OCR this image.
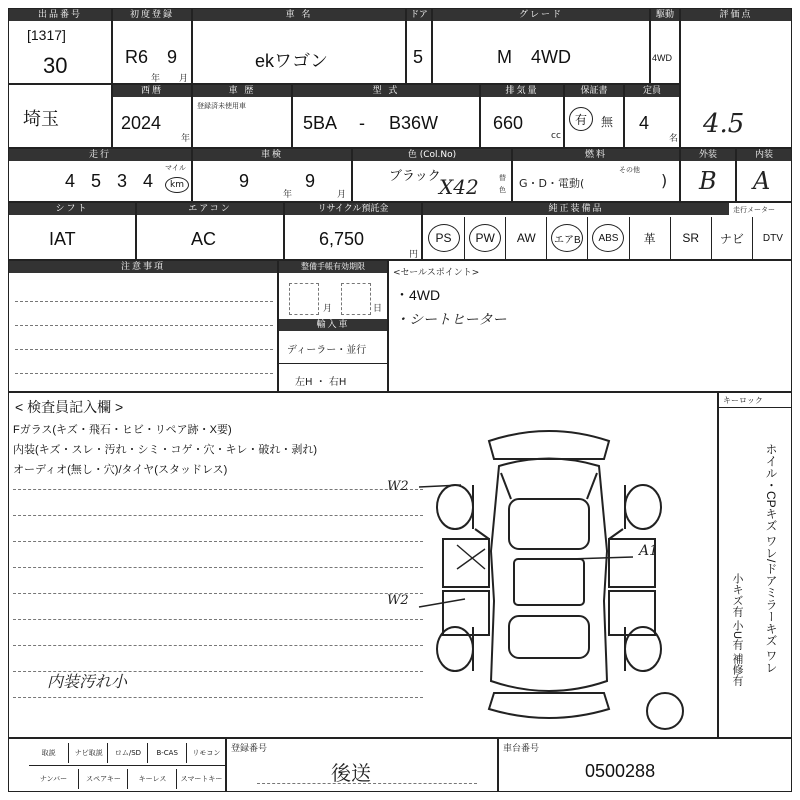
出品番号
[1317]
30
初度登録
R6 9
年 月
車 名
ekワゴン
ドア
5
グレード
M 4WD
駆動
4WD
評価点
4.5
埼玉
西暦
2024
年
車 歴
登録済未使用車
型 式
5BA - B36W
排気量
660
cc
保証書
有	無
定員
4
名
走行
4 5 3 4
マイル
km
車検
9
年
9
月
色 (Col.No)
ブラック
X42	替
色
燃料
G・D・電動(
その他
)
外装
B
内装
A
シフト
IAT
エアコン
AC
リサイクル預託金
6,750
円
純正装備品	走行メーター
PS	PW	AW エアB	ABS	革 SR ナビ DTV
注意事項	整備手帳有効期限
月	日
輸入車
ディーラー・並行
左H ・ 右H
<セールスポイント>
・4WD
・シートヒーター
< 検査員記入欄 >
Fガラス(キズ・飛石・ヒビ・リペア跡・X要)
内装(キズ・スレ・汚れ・シミ・コゲ・穴・キレ・破れ・剥れ)
オーディオ(無し・穴)/タイヤ(スタッドレス)
内装汚れ小
W2
W2
A1
キーロック
ホイル・CPキズ ワレ/ドアミラーキズ ワレ
小キズ有 小U有 補修有
取説	ナビ取説	ロム/SD	B-CAS	リモコン
ナンバー	スペアキー	キーレス	スマートキー
登録番号
後送
車台番号
0500288
